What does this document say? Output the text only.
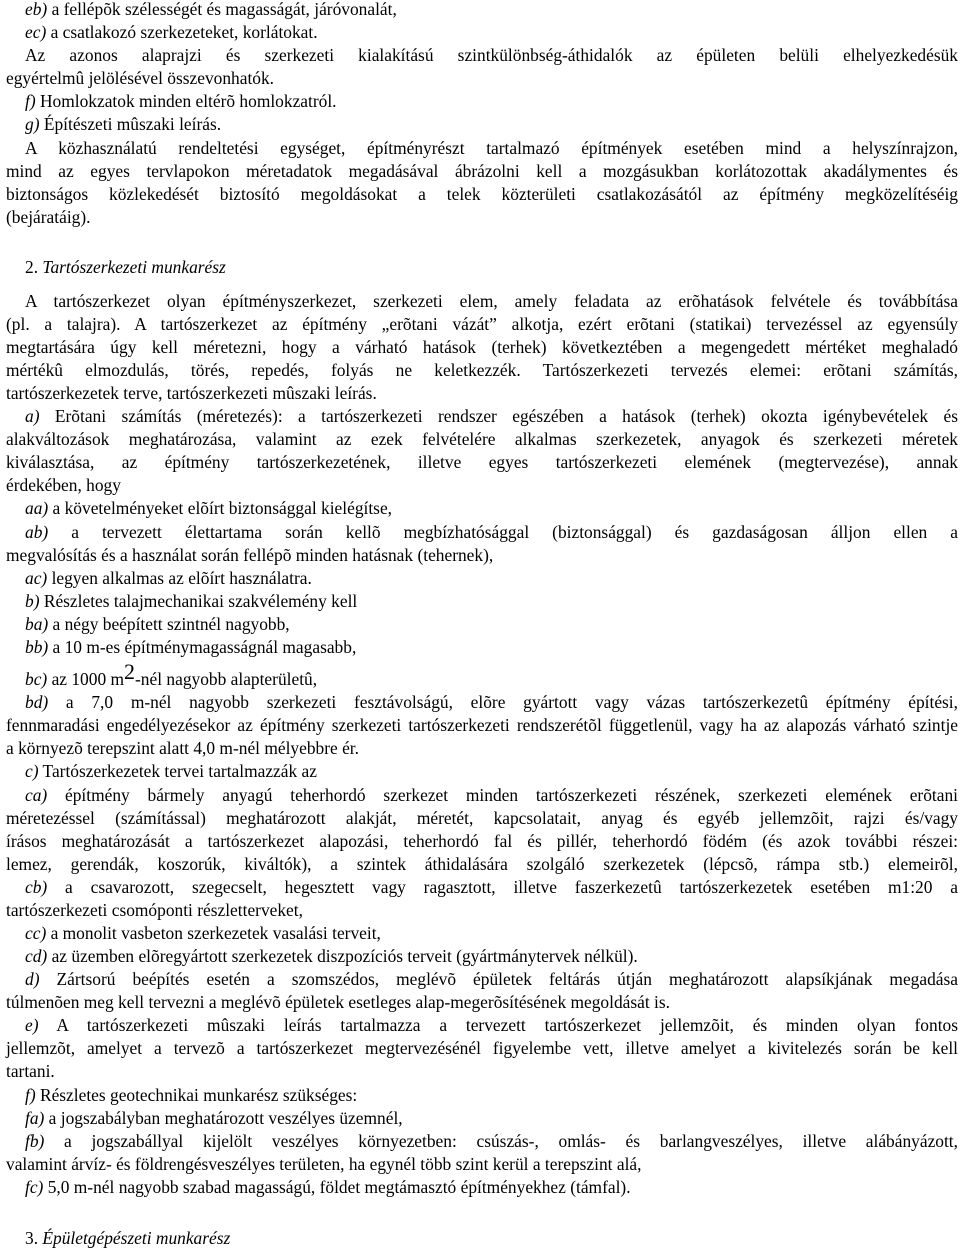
eb) a fellépõk szélességét és magasságát, járóvonalát,
ec) a csatlakozó szerkezeteket, korlátokat.
Az azonos alaprajzi és szerkezeti kialakítású szintkülönbség-áthidalók az épületen belüli elhelyezkedésük
egyértelmû jelölésével összevonhatók.
f) Homlokzatok minden eltérõ homlokzatról.
g) Építészeti mûszaki leírás.
A közhasználatú rendeltetési egységet, építményrészt tartalmazó építmények esetében mind a helyszínrajzon,
mind az egyes tervlapokon méretadatok megadásával ábrázolni kell a mozgásukban korlátozottak akadálymentes és
biztonságos közlekedését biztosító megoldásokat a telek közterületi csatlakozásától az építmény megközelítéséig
(bejáratáig).
2. Tartószerkezeti munkarész
A tartószerkezet olyan építményszerkezet, szerkezeti elem, amely feladata az erõhatások felvétele és továbbítása
(pl. a talajra). A tartószerkezet az építmény „erõtani vázát” alkotja, ezért erõtani (statikai) tervezéssel az egyensúly
megtartására úgy kell méretezni, hogy a várható hatások (terhek) következtében a megengedett mértéket meghaladó
mértékû elmozdulás, törés, repedés, folyás ne keletkezzék. Tartószerkezeti tervezés elemei: erõtani számítás,
tartószerkezetek terve, tartószerkezeti mûszaki leírás.
a) Erõtani számítás (méretezés): a tartószerkezeti rendszer egészében a hatások (terhek) okozta igénybevételek és
alakváltozások meghatározása, valamint az ezek felvételére alkalmas szerkezetek, anyagok és szerkezeti méretek
kiválasztása, az építmény tartószerkezetének, illetve egyes tartószerkezeti elemének (megtervezése), annak
érdekében, hogy
aa) a követelményeket elõírt biztonsággal kielégítse,
ab) a tervezett élettartama során kellõ megbízhatósággal (biztonsággal) és gazdaságosan álljon ellen a
megvalósítás és a használat során fellépõ minden hatásnak (tehernek),
ac) legyen alkalmas az elõírt használatra.
b) Részletes talajmechanikai szakvélemény kell
ba) a négy beépített szintnél nagyobb,
bb) a 10 m-es építménymagasságnál magasabb,
bc) az 1000 $m^2$-nél nagyobb alapterületû,
bd) a 7,0 m-nél nagyobb szerkezeti fesztávolságú, elõre gyártott vagy vázas tartószerkezetû építmény építési,
fennmaradási engedélyezésekor az építmény szerkezeti tartószerkezeti rendszerétõl függetlenül, vagy ha az alapozás várható szintje
a környezõ terepszint alatt 4,0 m-nél mélyebbre ér.
c) Tartószerkezetek tervei tartalmazzák az
ca) építmény bármely anyagú teherhordó szerkezet minden tartószerkezeti részének, szerkezeti elemének erõtani
méretezéssel (számítással) meghatározott alakját, méretét, kapcsolatait, anyag és egyéb jellemzõit, rajzi és/vagy
írásos meghatározását a tartószerkezet alapozási, teherhordó fal és pillér, teherhordó födém (és azok további részei:
lemez, gerendák, koszorúk, kiváltók), a szintek áthidalására szolgáló szerkezetek (lépcsõ, rámpa stb.) elemeirõl,
cb) a csavarozott, szegecselt, hegesztett vagy ragasztott, illetve faszerkezetû tartószerkezetek esetében m1:20 a
tartószerkezeti csomóponti részletterveket,
cc) a monolit vasbeton szerkezetek vasalási terveit,
cd) az üzemben elõregyártott szerkezetek diszpozíciós terveit (gyártmánytervek nélkül).
d) Zártsorú beépítés esetén a szomszédos, meglévõ épületek feltárás útján meghatározott alapsíkjának megadása
túlmenõen meg kell tervezni a meglévõ épületek esetleges alap-megerõsítésének megoldását is.
e) A tartószerkezeti mûszaki leírás tartalmazza a tervezett tartószerkezet jellemzõit, és minden olyan fontos
jellemzõt, amelyet a tervezõ a tartószerkezet megtervezésénél figyelembe vett, illetve amelyet a kivitelezés során be kell
tartani.
f) Részletes geotechnikai munkarész szükséges:
fa) a jogszabályban meghatározott veszélyes üzemnél,
fb) a jogszabállyal kijelölt veszélyes környezetben: csúszás-, omlás- és barlangveszélyes, illetve alábányázott,
valamint árvíz- és földrengésveszélyes területen, ha egynél több szint kerül a terepszint alá,
fc) 5,0 m-nél nagyobb szabad magasságú, földet megtámasztó építményekhez (támfal).
3. Épületgépészeti munkarész
